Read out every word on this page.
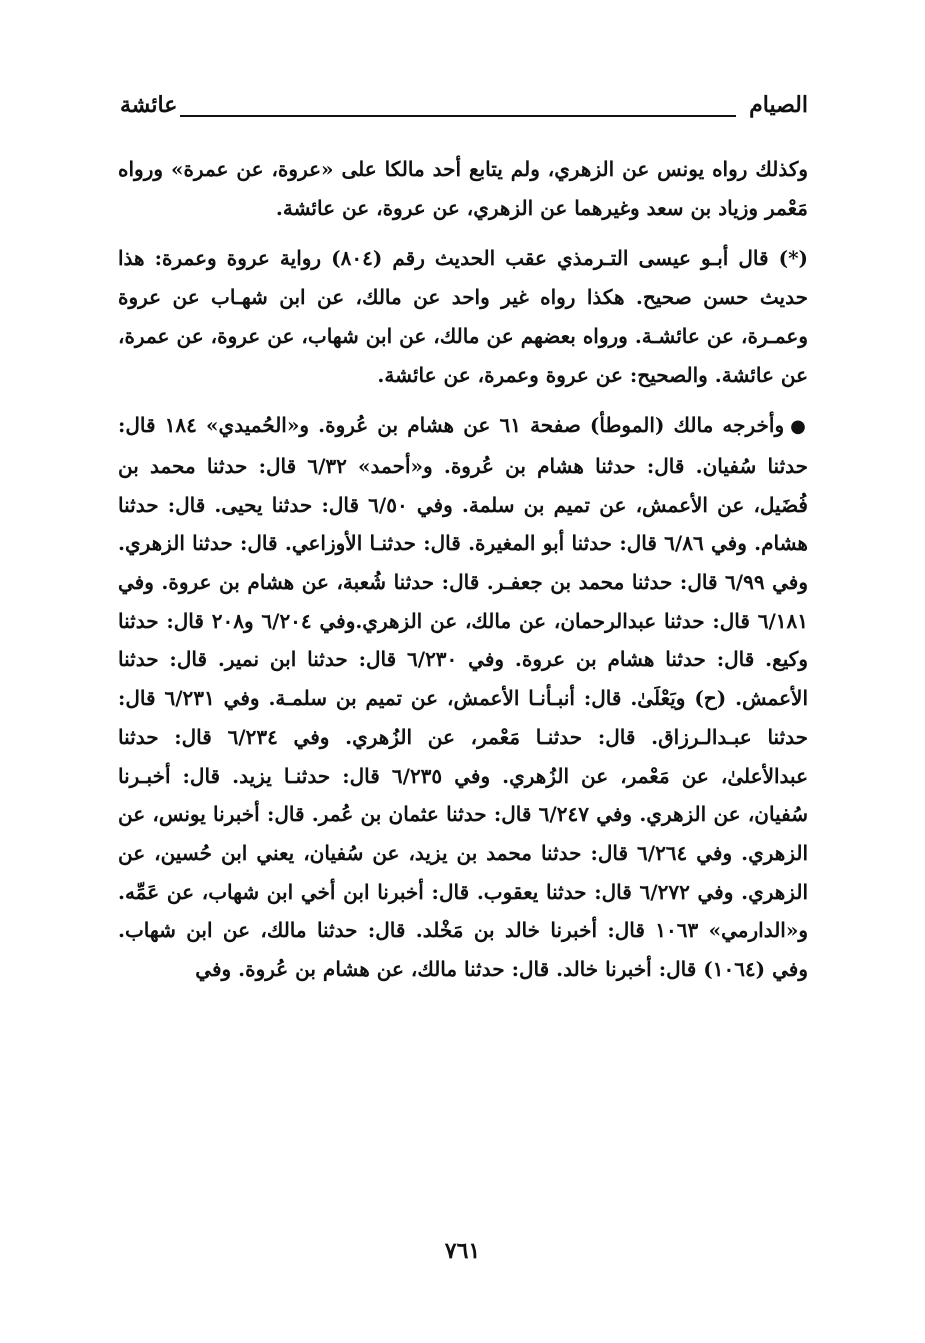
الصيام
عائشة

وكذلك رواه يونس عن الزهري، ولم يتابع أحد مالكا على «عروة، عن عمرة» ورواه مَعْمر وزياد بن سعد وغيرهما عن الزهري، عن عروة، عن عائشة.

(*) قال أبـو عيسى التـرمذي عقب الحديث رقم (٨٠٤) رواية عروة وعمرة: هذا حديث حسن صحيح. هكذا رواه غير واحد عن مالك، عن ابن شهـاب عن عروة وعمـرة، عن عائشـة. ورواه بعضهم عن مالك، عن ابن شهاب، عن عروة، عن عمرة، عن عائشة. والصحيح: عن عروة وعمرة، عن عائشة.

●وأخرجه مالك (الموطأ) صفحة ٦١ عن هشام بن عُروة. و«الحُميدي» ١٨٤ قال: حدثنا سُفيان. قال: حدثنا هشام بن عُروة. و«أحمد» ٦/٣٢ قال: حدثنا محمد بن فُضَيل، عن الأعمش، عن تميم بن سلمة. وفي ٦/٥٠ قال: حدثنا يحيى. قال: حدثنا هشام. وفي ٦/٨٦ قال: حدثنا أبو المغيرة. قال: حدثنـا الأوزاعي. قال: حدثنا الزهري. وفي ٦/٩٩ قال: حدثنا محمد بن جعفـر. قال: حدثنا شُعبة، عن هشام بن عروة. وفي ٦/١٨١ قال: حدثنا عبدالرحمان، عن مالك، عن الزهري.وفي ٦/٢٠٤ و٢٠٨ قال: حدثنا وكيع. قال: حدثنا هشام بن عروة. وفي ٦/٢٣٠ قال: حدثنا ابن نمير. قال: حدثنا الأعمش. (ح) ويَعْلَىٰ. قال: أنبـأنـا الأعمش، عن تميم بن سلمـة. وفي ٦/٢٣١ قال: حدثنا عبـدالـرزاق. قال: حدثنـا مَعْمر، عن الزُهري. وفي ٦/٢٣٤ قال: حدثنا عبدالأعلىٰ، عن مَعْمر، عن الزُهري. وفي ٦/٢٣٥ قال: حدثنـا يزيد. قال: أخبـرنا سُفيان، عن الزهري. وفي ٦/٢٤٧ قال: حدثنا عثمان بن عُمر. قال: أخبرنا يونس، عن الزهري. وفي ٦/٢٦٤ قال: حدثنا محمد بن يزيد، عن سُفيان، يعني ابن حُسين، عن الزهري. وفي ٦/٢٧٢ قال: حدثنا يعقوب. قال: أخبرنا ابن أخي ابن شهاب، عن عَمِّه. و«الدارمي» ١٠٦٣ قال: أخبرنا خالد بن مَخْلد. قال: حدثنا مالك، عن ابن شهاب. وفي (١٠٦٤) قال: أخبرنا خالد. قال: حدثنا مالك، عن هشام بن عُروة. وفي

٧٦١
